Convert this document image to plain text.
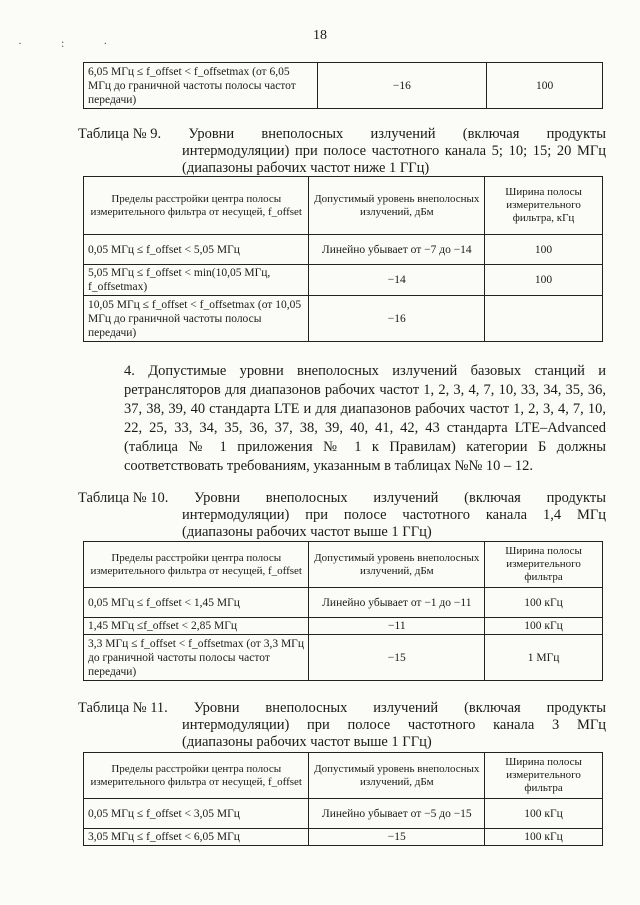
18
· : ·
6,05 МГц ≤ f_offset < f_offsetmax (от 6,05 МГц до граничной частоты полосы частот передачи)	−16	100
Таблица № 9. Уровни внеполосных излучений (включая продукты
интермодуляции) при полосе частотного канала 5; 10; 15; 20 МГц
(диапазоны рабочих частот ниже 1 ГГц)
Пределы расстройки центра полосы измерительного фильтра от несущей, f_offset	Допустимый уровень внеполосных излучений, дБм	Ширина полосы измерительного фильтра, кГц
0,05 МГц ≤ f_offset < 5,05 МГц	Линейно убывает от −7 до −14	100
5,05 МГц ≤ f_offset < min(10,05 МГц, f_offsetmax)	−14	100
10,05 МГц ≤ f_offset < f_offsetmax (от 10,05 МГц до граничной частоты полосы передачи)	−16	
4. Допустимые уровни внеполосных излучений базовых станций и ретрансляторов для диапазонов рабочих частот 1, 2, 3, 4, 7, 10, 33, 34, 35, 36, 37, 38, 39, 40 стандарта LTE и для диапазонов рабочих частот 1, 2, 3, 4, 7, 10, 22, 25, 33, 34, 35, 36, 37, 38, 39, 40, 41, 42, 43 стандарта LTE–Advanced (таблица № 1 приложения № 1 к Правилам) категории Б должны соответствовать требованиям, указанным в таблицах №№ 10 – 12.
Таблица № 10. Уровни внеполосных излучений (включая продукты
интермодуляции) при полосе частотного канала 1,4 МГц
(диапазоны рабочих частот выше 1 ГГц)
Пределы расстройки центра полосы измерительного фильтра от несущей, f_offset	Допустимый уровень внеполосных излучений, дБм	Ширина полосы измерительного фильтра
0,05 МГц ≤ f_offset < 1,45 МГц	Линейно убывает от −1 до −11	100 кГц
1,45 МГц ≤f_offset < 2,85 МГц	−11	100 кГц
3,3 МГц ≤ f_offset < f_offsetmax (от 3,3 МГц до граничной частоты полосы частот передачи)	−15	1 МГц
Таблица № 11. Уровни внеполосных излучений (включая продукты
интермодуляции) при полосе частотного канала 3 МГц
(диапазоны рабочих частот выше 1 ГГц)
Пределы расстройки центра полосы измерительного фильтра от несущей, f_offset	Допустимый уровень внеполосных излучений, дБм	Ширина полосы измерительного фильтра
0,05 МГц ≤ f_offset < 3,05 МГц	Линейно убывает от −5 до −15	100 кГц
3,05 МГц ≤ f_offset < 6,05 МГц	−15	100 кГц
